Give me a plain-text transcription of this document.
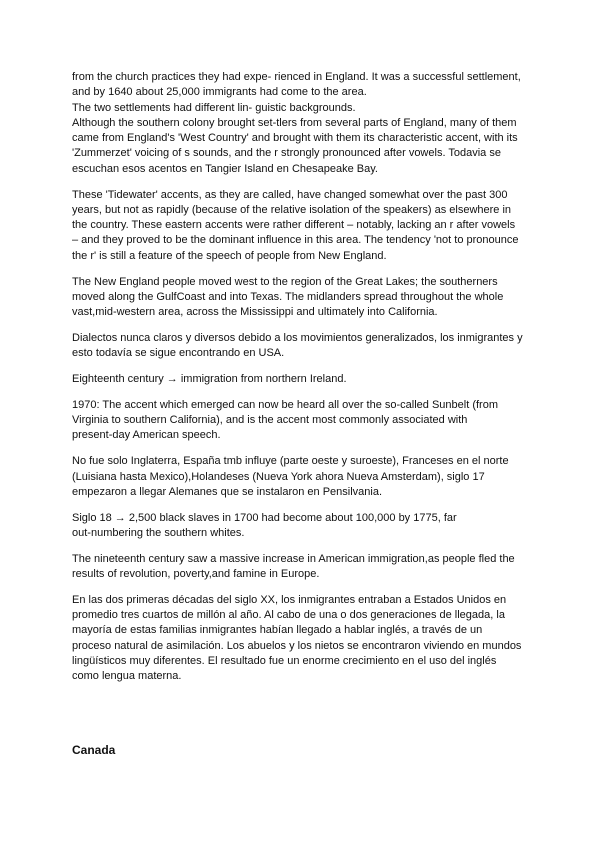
from the church practices they had expe- rienced in England. It was a successful settlement,
and by 1640 about 25,000 immigrants had come to the area.
The two settlements had different lin- guistic backgrounds.
Although the southern colony brought set-tlers from several parts of England, many of them
came from England's 'West Country' and brought with them its characteristic accent, with its
'Zummerzet' voicing of s sounds, and the r strongly pronounced after vowels. Todavia se
escuchan esos acentos en Tangier Island en Chesapeake Bay.

These 'Tidewater' accents, as they are called, have changed somewhat over the past 300
years, but not as rapidly (because of the relative isolation of the speakers) as elsewhere in
the country. These eastern accents were rather different – notably, lacking an r after vowels
– and they proved to be the dominant influence in this area. The tendency 'not to pronounce
the r' is still a feature of the speech of people from New England.

The New England people moved west to the region of the Great Lakes; the southerners
moved along the GulfCoast and into Texas. The midlanders spread throughout the whole
vast,mid-western area, across the Mississippi and ultimately into California.

Dialectos nunca claros y diversos debido a los movimientos generalizados, los inmigrantes y
esto todavía se sigue encontrando en USA.

Eighteenth century → immigration from northern Ireland.

1970: The accent which emerged can now be heard all over the so-called Sunbelt (from
Virginia to southern California), and is the accent most commonly associated with
present-day American speech.

No fue solo Inglaterra, España tmb influye (parte oeste y suroeste), Franceses en el norte
(Luisiana hasta Mexico),Holandeses (Nueva York ahora Nueva Amsterdam), siglo 17
empezaron a llegar Alemanes que se instalaron en Pensilvania.

Siglo 18 → 2,500 black slaves in 1700 had become about 100,000 by 1775, far
out-numbering the southern whites.

The nineteenth century saw a massive increase in American immigration,as people fled the
results of revolution, poverty,and famine in Europe.

En las dos primeras décadas del siglo XX, los inmigrantes entraban a Estados Unidos en
promedio tres cuartos de millón al año. Al cabo de una o dos generaciones de llegada, la
mayoría de estas familias inmigrantes habían llegado a hablar inglés, a través de un
proceso natural de asimilación. Los abuelos y los nietos se encontraron viviendo en mundos
lingüísticos muy diferentes. El resultado fue un enorme crecimiento en el uso del inglés
como lengua materna.

Canada
